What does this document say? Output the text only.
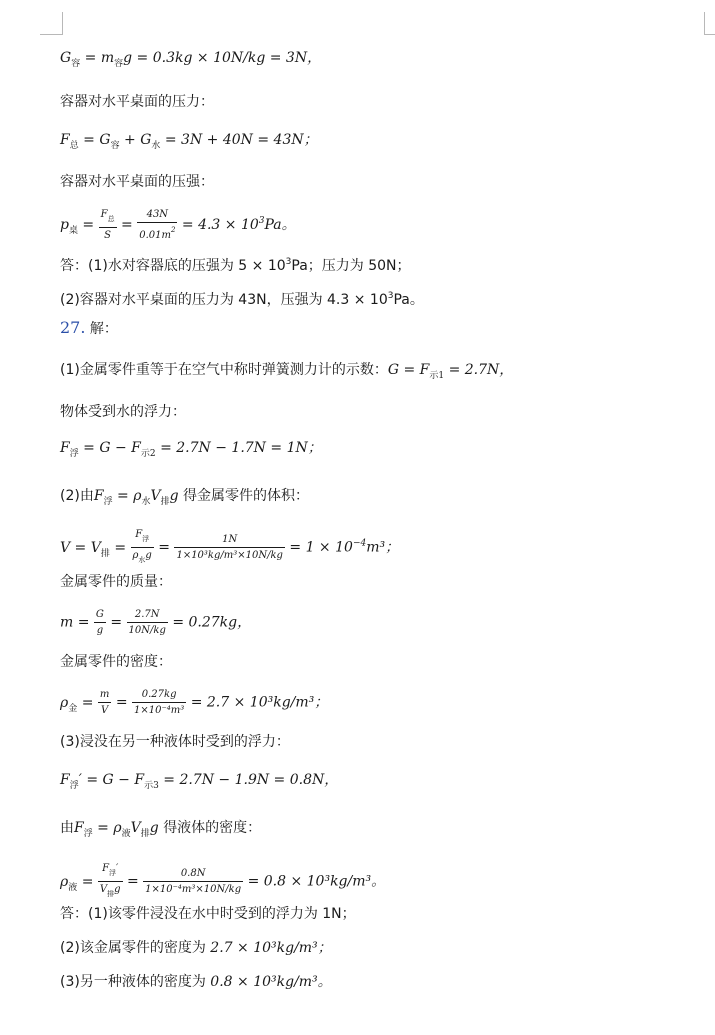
$G_容 = m_容g = 0.3kg \times 10N/kg = 3N$，
容器对水平桌面的压力：
$F_总 = G_容 + G_水 = 3N + 40N = 43N$；
容器对水平桌面的压强：
$p_桌 = \frac{F_总}{S} = \frac{43N}{0.01m^2} = 4.3 \times 10^3Pa$。
答：(1)水对容器底的压强为 $5 \times 10^3Pa$；压力为 50N；
(2)容器对水平桌面的压力为 43N，压强为 $4.3 \times 10^3Pa$。
27. 解：
(1)金属零件重等于在空气中称时弹簧测力计的示数：$G = F_{示1} = 2.7N$，
物体受到水的浮力：
$F_浮 = G - F_{示2} = 2.7N - 1.7N = 1N$；
(2)由$F_浮 = \rho_水V_排g$ 得金属零件的体积：
$V = V_排 = \frac{F_浮}{\rho_水g} = \frac{1N}{\text{1×10³kg/m³×10N/kg}} = 1 \times 10^{-4}m^3$；
金属零件的质量：
$m = \frac{G}{g} = \frac{2.7N}{10N/kg} = 0.27kg$，
金属零件的密度：
$\rho_金 = \frac{m}{V} = \frac{0.27kg}{\text{1×10⁻⁴m³}} = 2.7 \times 10^3kg/m^3$；
(3)浸没在另一种液体时受到的浮力：
$F_浮' = G - F_{示3} = 2.7N - 1.9N = 0.8N$，
由$F_浮 = \rho_液V_排g$ 得液体的密度：
$\rho_液 = \frac{F_浮'}{V_排g} = \frac{0.8N}{\text{1×10⁻⁴m³×10N/kg}} = 0.8 \times 10^3kg/m^3$。
答：(1)该零件浸没在水中时受到的浮力为 1N；
(2)该金属零件的密度为 2.7 × 10³kg/m³；
(3)另一种液体的密度为 0.8 × 10³kg/m³。
